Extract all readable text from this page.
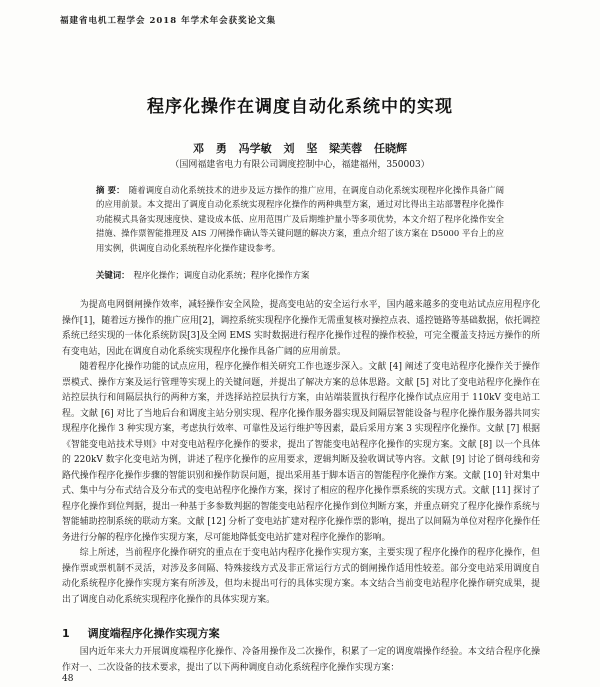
福建省电机工程学会 2018 年学术年会获奖论文集
程序化操作在调度自动化系统中的实现
邓 勇 冯学敏 刘 坚 梁芙蓉 任晓辉
（国网福建省电力有限公司调度控制中心，福建福州，350003）
摘 要： 随着调度自动化系统技术的进步及远方操作的推广应用，在调度自动化系统实现程序化操作具备广阔的应用前景。本文提出了调度自动化系统实现程序化操作的两种典型方案，通过对比得出主站部署程序化操作功能模式具备实现速度快、建设成本低、应用范围广及后期维护量小等多项优势，本文介绍了程序化操作安全措施、操作票智能推理及 AIS 刀闸操作确认等关键问题的解决方案，重点介绍了该方案在 D5000 平台上的应用实例，供调度自动化系统程序化操作建设参考。
关键词： 程序化操作；调度自动化系统；程序化操作方案

为提高电网倒闸操作效率，减轻操作安全风险，提高变电站的安全运行水平，国内越来越多的变电站试点应用程序化操作[1]，随着远方操作的推广应用[2]，调控系统实现程序化操作无需重复核对操控点表、遥控链路等基础数据，依托调控系统已经实现的一体化系统防误[3]及全网 EMS 实时数据进行程序化操作过程的操作校验，可完全覆盖支持远方操作的所有变电站，因此在调度自动化系统实现程序化操作具备广阔的应用前景。

随着程序化操作功能的试点应用，程序化操作相关研究工作也逐步深入。文献 [4] 阐述了变电站程序化操作关于操作票模式、操作方案及运行管理等实现上的关键问题，并提出了解决方案的总体思路。文献 [5] 对比了变电站程序化操作在站控层执行和间隔层执行的两种方案，并选择站控层执行方案，由站端装置执行程序化操作试点应用于 110kV 变电站工程。文献 [6] 对比了当地后台和调度主站分别实现、程序化操作服务器实现及间隔层智能设备与程序化操作服务器共同实现程序化操作 3 种实现方案，考虑执行效率、可靠性及运行维护等因素，最后采用方案 3 实现程序化操作。文献 [7] 根据《智能变电站技术导则》中对变电站程序化操作的要求，提出了智能变电站程序化操作的实现方案。文献 [8] 以一个具体的 220kV 数字化变电站为例，讲述了程序化操作的应用要求，逻辑判断及验收调试等内容。文献 [9] 讨论了倒母线和旁路代操作程序化操作步骤的智能识别和操作防误问题，提出采用基于脚本语言的智能程序化操作方案。文献 [10] 针对集中式、集中与分布式结合及分布式的变电站程序化操作方案，探讨了相应的程序化操作票系统的实现方式。文献 [11] 探讨了程序化操作到位判据，提出一种基于多参数判据的智能变电站程序化操作到位判断方案，并重点研究了程序化操作系统与智能辅助控制系统的联动方案。文献 [12] 分析了变电站扩建对程序化操作票的影响，提出了以间隔为单位对程序化操作任务进行分解的程序化操作实现方案，尽可能地降低变电站扩建对程序化操作的影响。

综上所述，当前程序化操作研究的重点在于变电站内程序化操作实现方案，主要实现了程序化操作的程序化操作，但操作票或票机制不灵活，对涉及多间隔、特殊接线方式及非正常运行方式的倒闸操作适用性较差。部分变电站采用调度自动化系统程序化操作实现方案有所涉及，但均未提出可行的具体实现方案。本文结合当前变电站程序化操作研究成果，提出了调度自动化系统实现程序化操作的具体实现方案。

1 调度端程序化操作实现方案

国内近年来大力开展调度端程序化操作、冷备用操作及二次操作，积累了一定的调度端操作经验。本文结合程序化操作对一、二次设备的技术要求，提出了以下两种调度自动化系统程序化操作实现方案：

48
